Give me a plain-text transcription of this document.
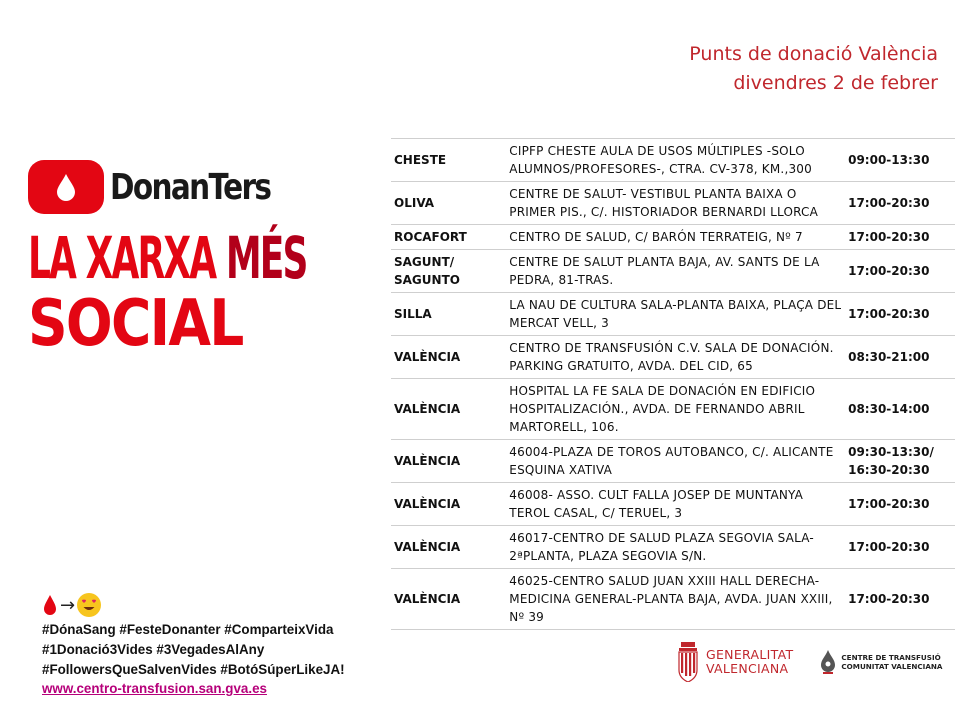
Punts de donació València
divendres 2 de febrer
DonanTers
LA XARXA MÉS
SOCIAL
→
#DónaSang #FesteDonanter #ComparteixVida
#1Donació3Vides #3VegadesAlAny
#FollowersQueSalvenVides #BotóSúperLikeJA!
www.centro-transfusion.san.gva.es
CHESTE	CIPFP CHESTE AULA DE USOS MÚLTIPLES -SOLO ALUMNOS/PROFESORES-, CTRA. CV-378, KM.,300	09:00-13:30
OLIVA	CENTRE DE SALUT- VESTIBUL PLANTA BAIXA O PRIMER PIS., C/. HISTORIADOR BERNARDI LLORCA	17:00-20:30
ROCAFORT	CENTRO DE SALUD, C/ BARÓN TERRATEIG, Nº 7	17:00-20:30
SAGUNT/ SAGUNTO	CENTRE DE SALUT PLANTA BAJA, AV. SANTS DE LA PEDRA, 81-TRAS.	17:00-20:30
SILLA	LA NAU DE CULTURA SALA-PLANTA BAIXA, PLAÇA DEL MERCAT VELL, 3	17:00-20:30
VALÈNCIA	CENTRO DE TRANSFUSIÓN C.V. SALA DE DONACIÓN. PARKING GRATUITO, AVDA. DEL CID, 65	08:30-21:00
VALÈNCIA	HOSPITAL LA FE SALA DE DONACIÓN EN EDIFICIO HOSPITALIZACIÓN., AVDA. DE FERNANDO ABRIL MARTORELL, 106.	08:30-14:00
VALÈNCIA	46004-PLAZA DE TOROS AUTOBANCO, C/. ALICANTE ESQUINA XATIVA	09:30-13:30/ 16:30-20:30
VALÈNCIA	46008- ASSO. CULT FALLA JOSEP DE MUNTANYA TEROL CASAL, C/ TERUEL, 3	17:00-20:30
VALÈNCIA	46017-CENTRO DE SALUD PLAZA SEGOVIA SALA-2ªPLANTA, PLAZA SEGOVIA S/N.	17:00-20:30
VALÈNCIA	46025-CENTRO SALUD JUAN XXIII HALL DERECHA-MEDICINA GENERAL-PLANTA BAJA, AVDA. JUAN XXIII, Nº 39	17:00-20:30
GENERALITAT
VALENCIANA
CENTRE DE TRANSFUSIÓ
COMUNITAT VALENCIANA
